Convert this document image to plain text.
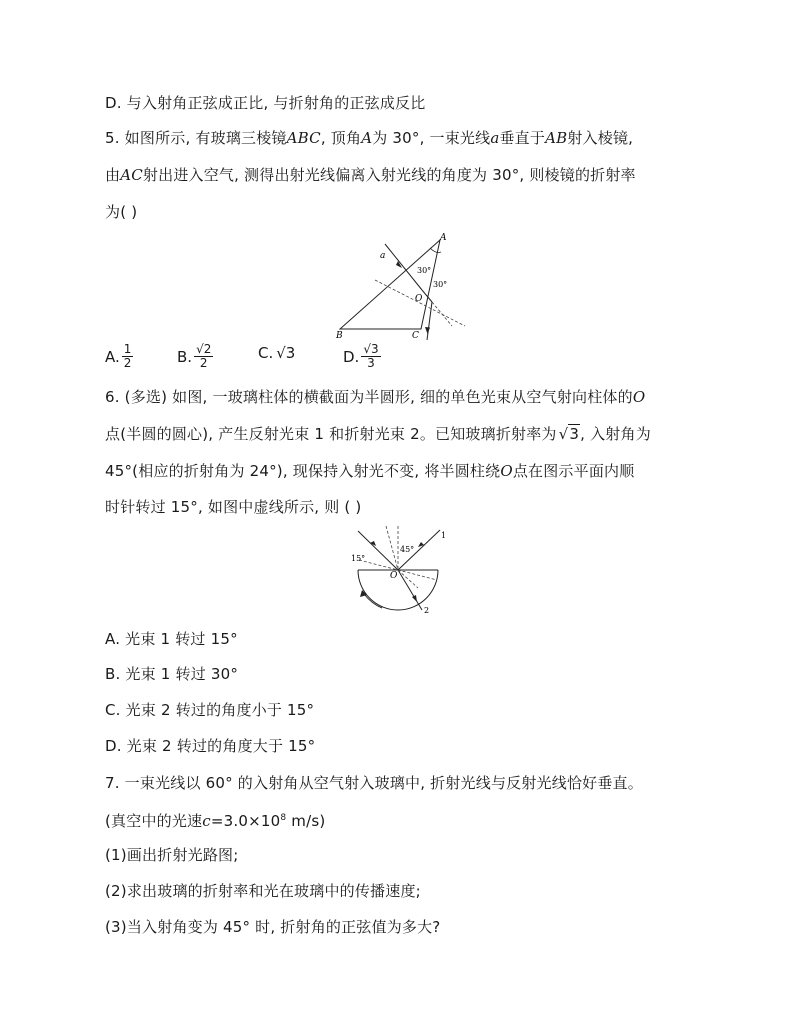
D. 与入射角正弦成正比, 与折射角的正弦成反比
5. 如图所示, 有玻璃三棱镜ABC, 顶角A为 30°, 一束光线a垂直于AB射入棱镜,
由AC射出进入空气, 测得出射光线偏离入射光线的角度为 30°, 则棱镜的折射率
为( )
A
B	C
O
a
30°
30°
A. $\frac{1}{2}$	B. $\frac{√2}{2}$	C. √3	D. $\frac{√3}{3}$
6. (多选) 如图, 一玻璃柱体的横截面为半圆形, 细的单色光束从空气射向柱体的O
点(半圆的圆心), 产生反射光束 1 和折射光束 2。已知玻璃折射率为 √3, 入射角为
45°(相应的折射角为 24°), 现保持入射光不变, 将半圆柱绕O点在图示平面内顺
时针转过 15°, 如图中虚线所示, 则 ( )
15°
45°
O
1
2
A. 光束 1 转过 15°
B. 光束 1 转过 30°
C. 光束 2 转过的角度小于 15°
D. 光束 2 转过的角度大于 15°
7. 一束光线以 60° 的入射角从空气射入玻璃中, 折射光线与反射光线恰好垂直。
(真空中的光速$c=3.0\times 10^8$ m/s)
(1)画出折射光路图;
(2)求出玻璃的折射率和光在玻璃中的传播速度;
(3)当入射角变为 45° 时, 折射角的正弦值为多大?
